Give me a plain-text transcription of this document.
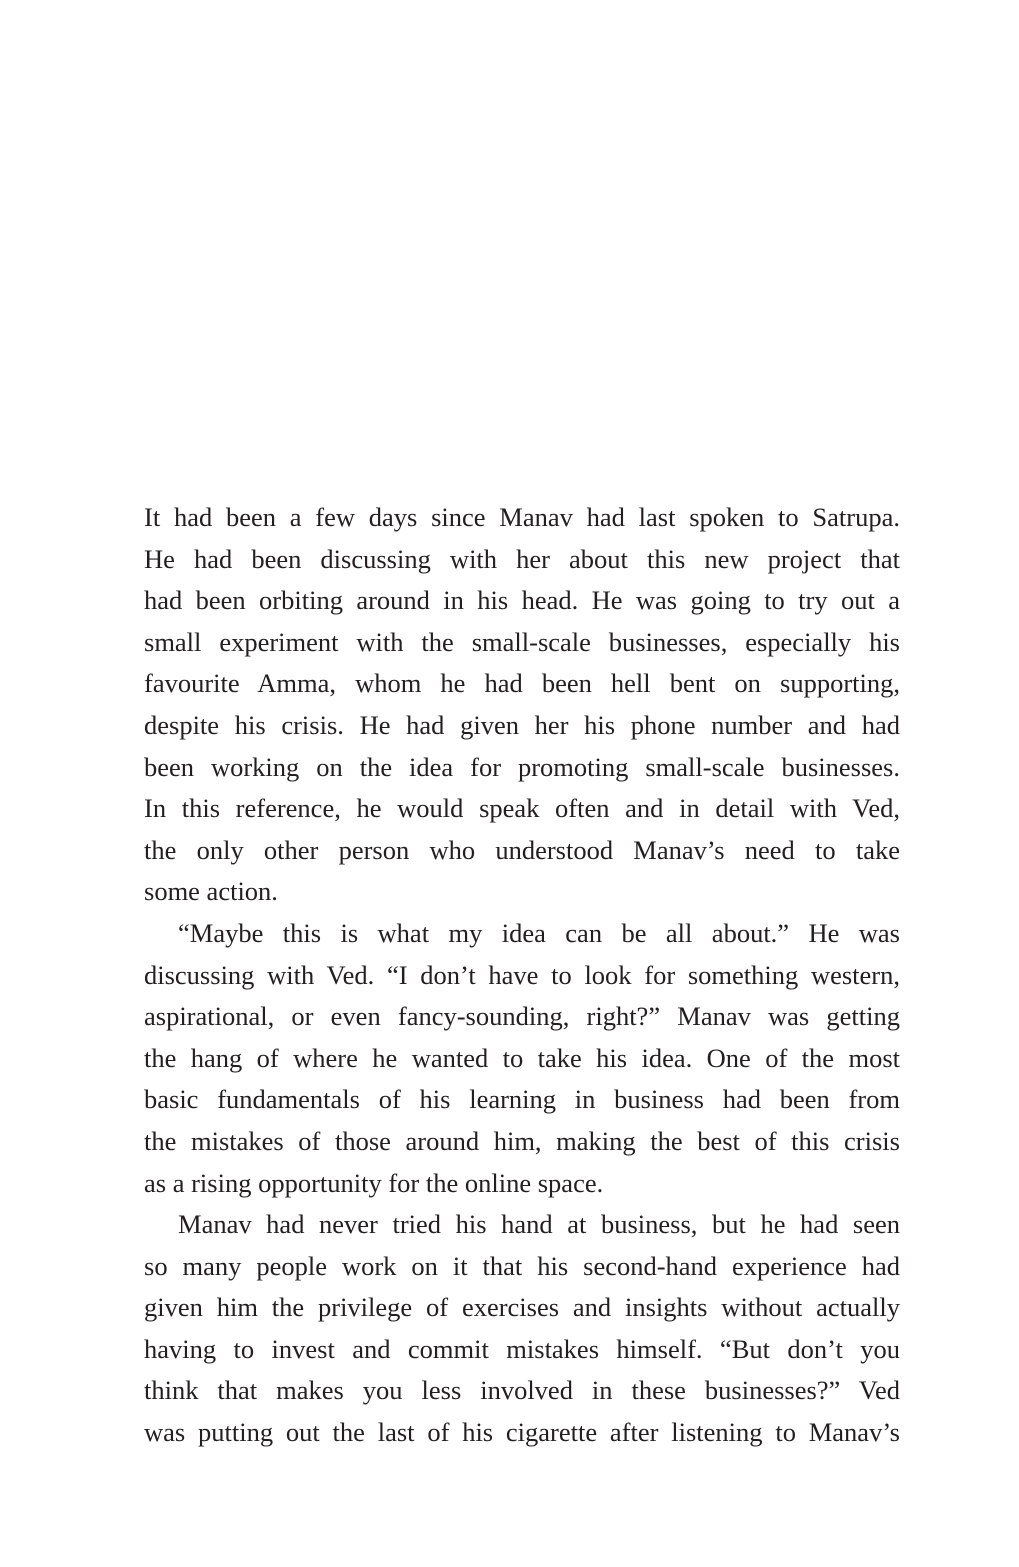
It had been a few days since Manav had last spoken to Satrupa.
He had been discussing with her about this new project that
had been orbiting around in his head. He was going to try out a
small experiment with the small-scale businesses, especially his
favourite Amma, whom he had been hell bent on supporting,
despite his crisis. He had given her his phone number and had
been working on the idea for promoting small-scale businesses.
In this reference, he would speak often and in detail with Ved,
the only other person who understood Manav’s need to take
some action.
“Maybe this is what my idea can be all about.” He was
discussing with Ved. “I don’t have to look for something western,
aspirational, or even fancy-sounding, right?” Manav was getting
the hang of where he wanted to take his idea. One of the most
basic fundamentals of his learning in business had been from
the mistakes of those around him, making the best of this crisis
as a rising opportunity for the online space.
Manav had never tried his hand at business, but he had seen
so many people work on it that his second-hand experience had
given him the privilege of exercises and insights without actually
having to invest and commit mistakes himself. “But don’t you
think that makes you less involved in these businesses?” Ved
was putting out the last of his cigarette after listening to Manav’s
